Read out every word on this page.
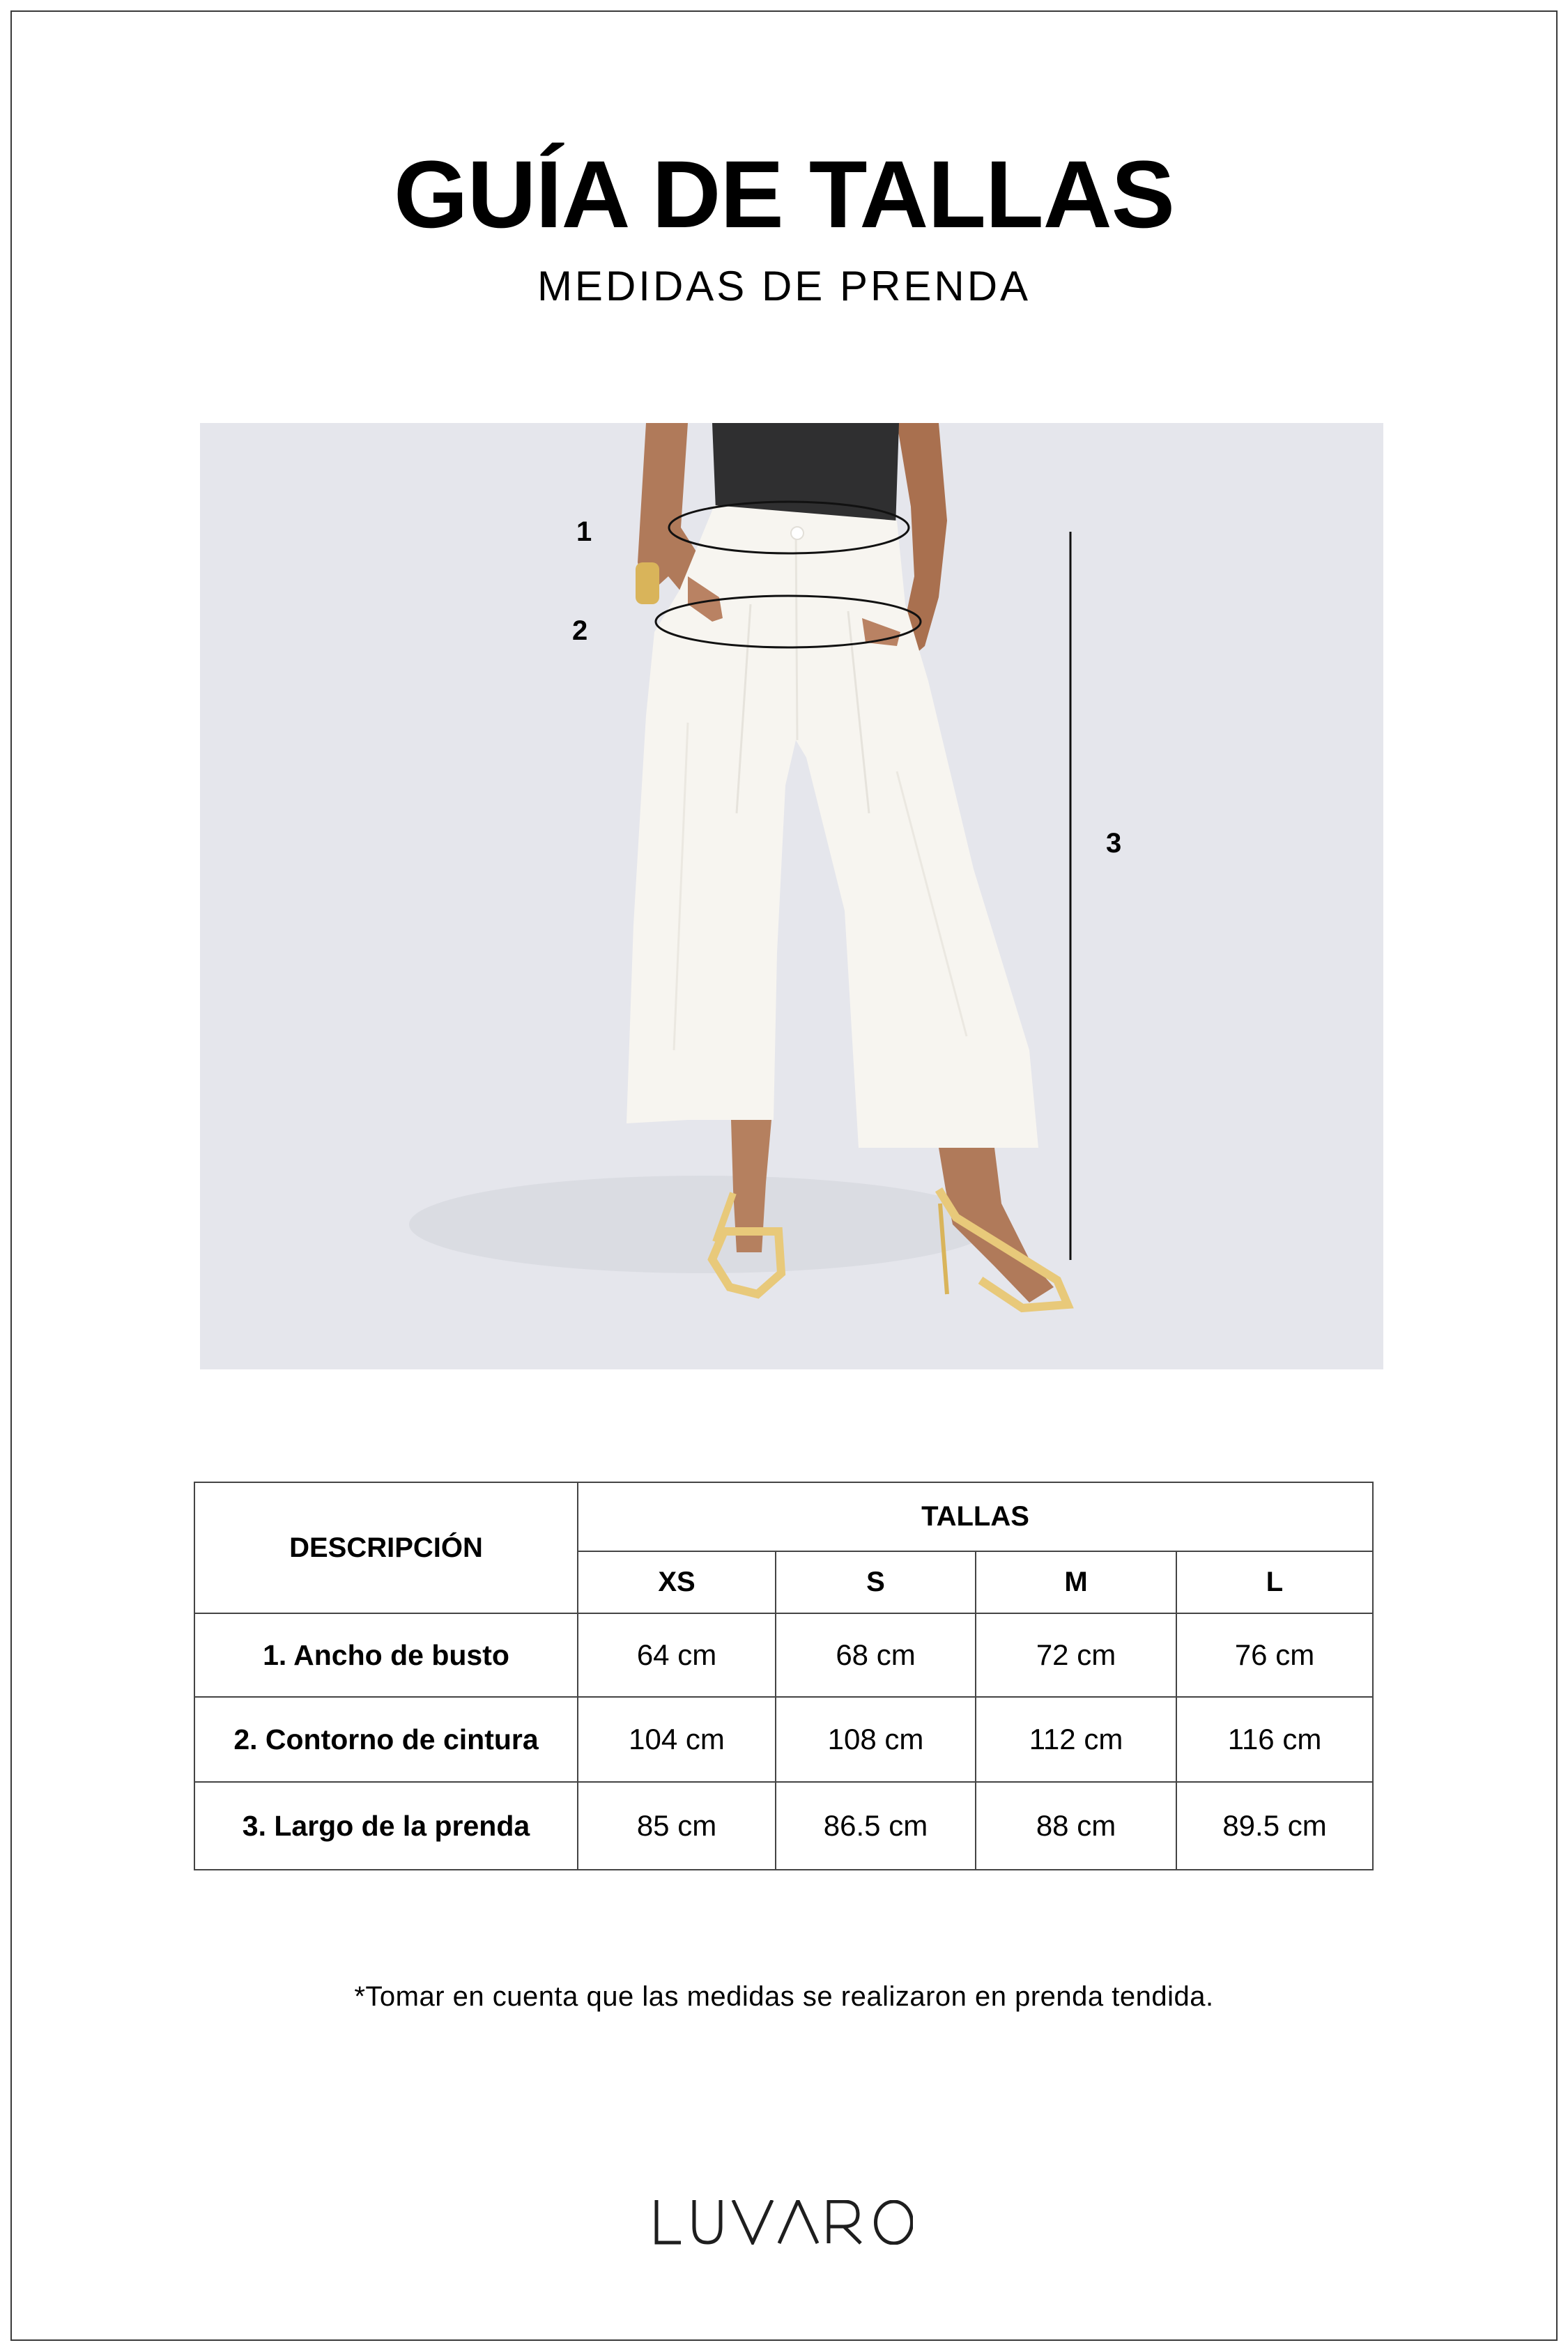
GUÍA DE TALLAS
MEDIDAS DE PRENDA
1
2
3
DESCRIPCIÓN	TALLAS			
	XS	S	M	L
1. Ancho de busto	64 cm	68 cm	72 cm	76 cm
2. Contorno de cintura	104 cm	108 cm	112 cm	116 cm
3. Largo de la prenda	85 cm	86.5 cm	88 cm	89.5 cm
*Tomar en cuenta que las medidas se realizaron en prenda tendida.
